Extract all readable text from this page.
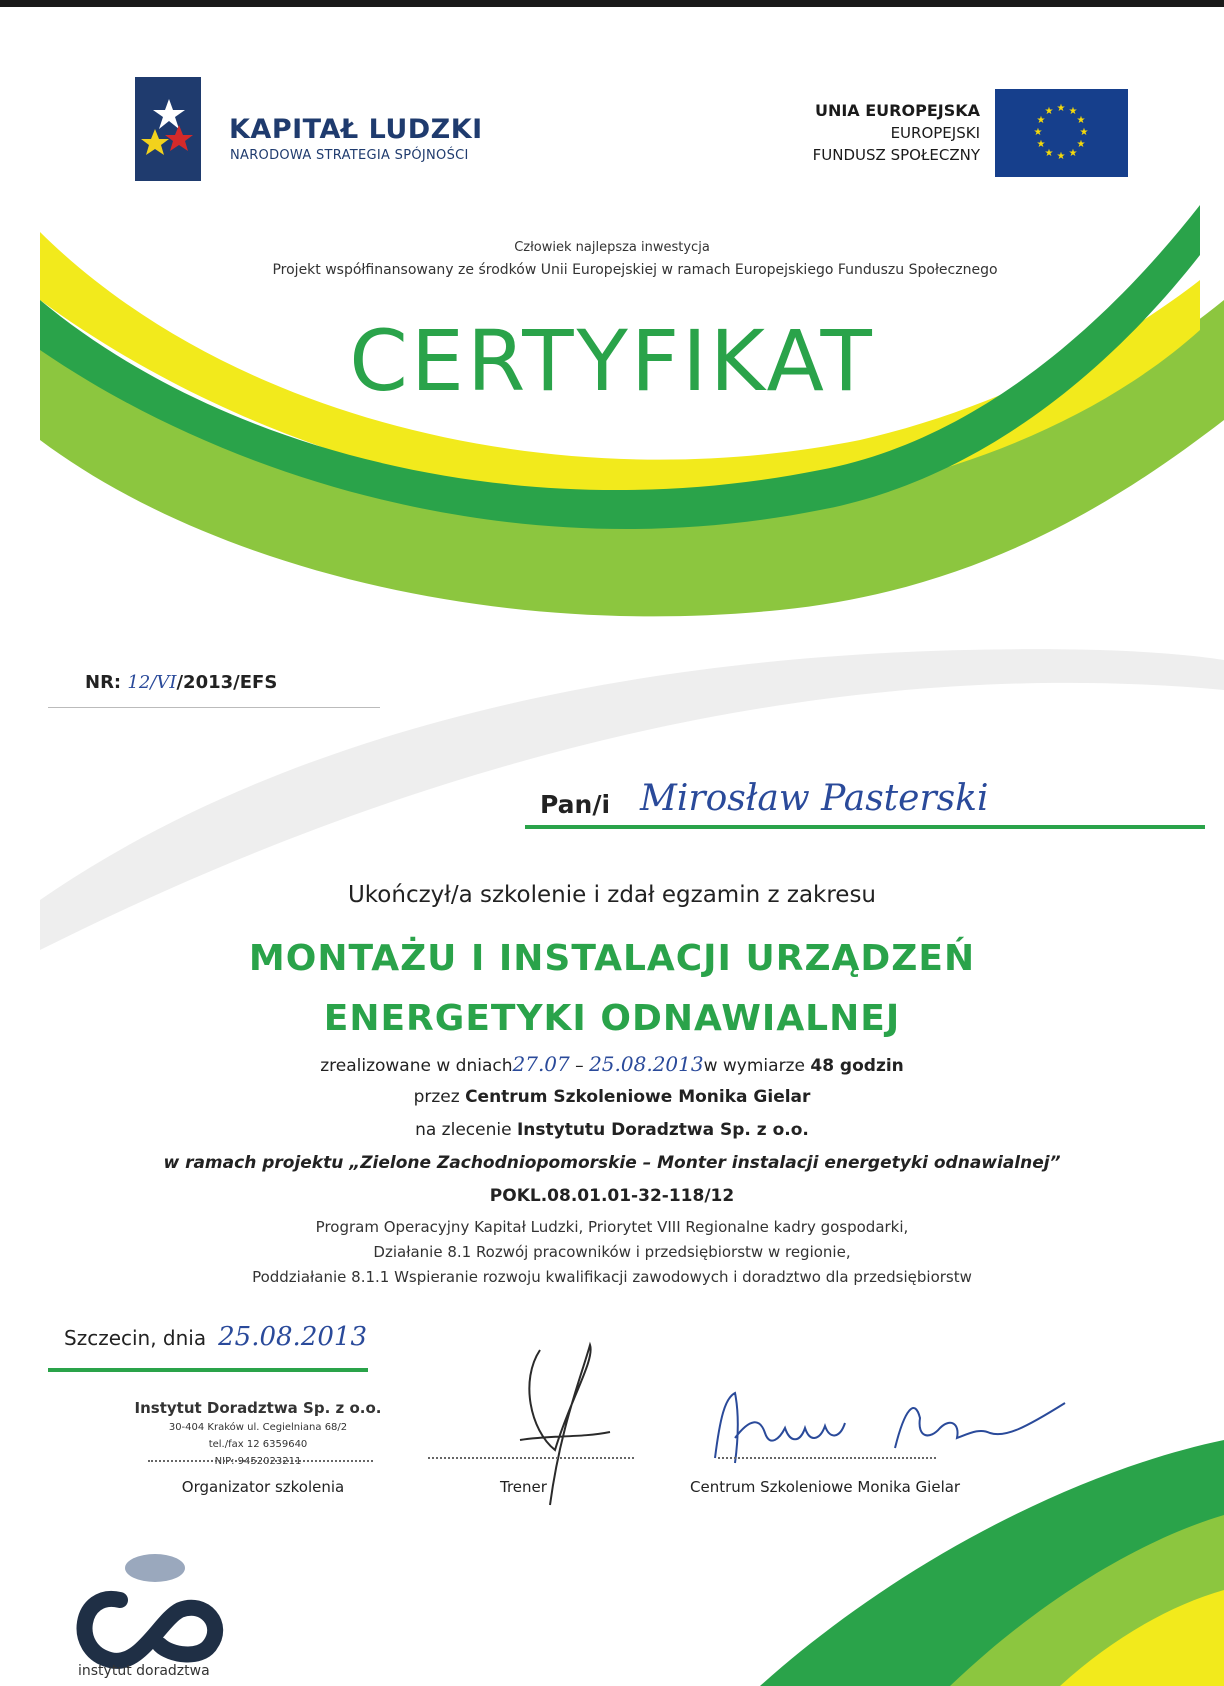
KAPITAŁ LUDZKI
NARODOWA STRATEGIA SPÓJNOŚCI
UNIA EUROPEJSKA
EUROPEJSKI
FUNDUSZ SPOŁECZNY
★ ★
★
★
★
★
★
★
★
★
★
★
Człowiek najlepsza inwestycja
Projekt współfinansowany ze środków Unii Europejskiej w ramach Europejskiego Funduszu Społecznego
CERTYFIKAT
NR: 12/VI/2013/EFS
Pan/i Mirosław Pasterski
Ukończył/a szkolenie i zdał egzamin z zakresu
MONTAŻU I INSTALACJI URZĄDZEŃ
ENERGETYKI ODNAWIALNEJ
zrealizowane w dniach27.07 – 25.08.2013w wymiarze 48 godzin
przez Centrum Szkoleniowe Monika Gielar
na zlecenie Instytutu Doradztwa Sp. z o.o.
w ramach projektu „Zielone Zachodniopomorskie – Monter instalacji energetyki odnawialnej”
POKL.08.01.01-32-118/12
Program Operacyjny Kapitał Ludzki, Priorytet VIII Regionalne kadry gospodarki,
Działanie 8.1 Rozwój pracowników i przedsiębiorstw w regionie,
Poddziałanie 8.1.1 Wspieranie rozwoju kwalifikacji zawodowych i doradztwo dla przedsiębiorstw
Szczecin, dnia 25.08.2013
Instytut Doradztwa Sp. z o.o.
30-404 Kraków ul. Cegielniana 68/2
tel./fax 12 6359640
NIP: 9452023211
Organizator szkolenia	Trener	Centrum Szkoleniowe Monika Gielar
instytut doradztwa
